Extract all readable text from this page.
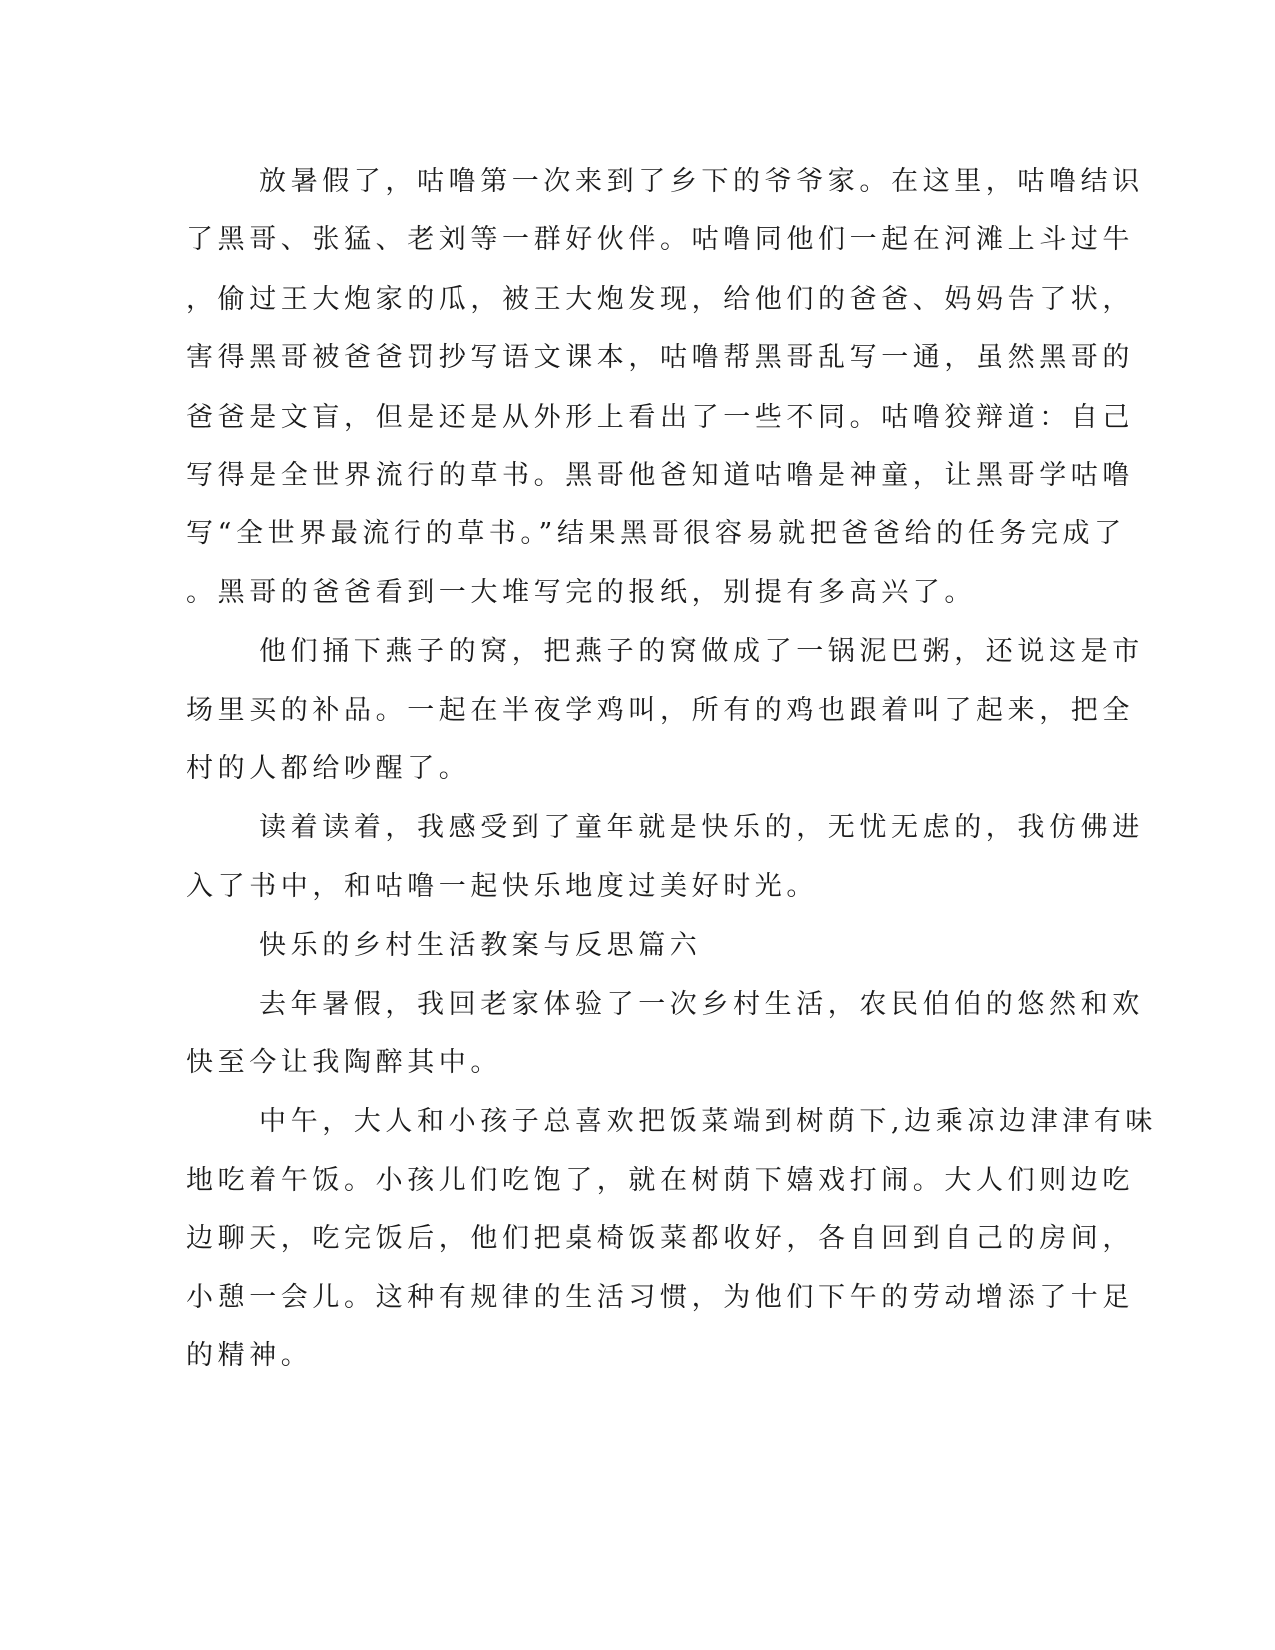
放暑假了，咕噜第一次来到了乡下的爷爷家。在这里，咕噜结识
了黑哥、张猛、老刘等一群好伙伴。咕噜同他们一起在河滩上斗过牛
，偷过王大炮家的瓜，被王大炮发现，给他们的爸爸、妈妈告了状，
害得黑哥被爸爸罚抄写语文课本，咕噜帮黑哥乱写一通，虽然黑哥的
爸爸是文盲，但是还是从外形上看出了一些不同。咕噜狡辩道：自己
写得是全世界流行的草书。黑哥他爸知道咕噜是神童，让黑哥学咕噜
写“全世界最流行的草书。”结果黑哥很容易就把爸爸给的任务完成了
。黑哥的爸爸看到一大堆写完的报纸，别提有多高兴了。
他们捅下燕子的窝，把燕子的窝做成了一锅泥巴粥，还说这是市
场里买的补品。一起在半夜学鸡叫，所有的鸡也跟着叫了起来，把全
村的人都给吵醒了。
读着读着，我感受到了童年就是快乐的，无忧无虑的，我仿佛进
入了书中，和咕噜一起快乐地度过美好时光。
快乐的乡村生活教案与反思篇六
去年暑假，我回老家体验了一次乡村生活，农民伯伯的悠然和欢
快至今让我陶醉其中。
中午，大人和小孩子总喜欢把饭菜端到树荫下,边乘凉边津津有味
地吃着午饭。小孩儿们吃饱了，就在树荫下嬉戏打闹。大人们则边吃
边聊天，吃完饭后，他们把桌椅饭菜都收好，各自回到自己的房间，
小憩一会儿。这种有规律的生活习惯，为他们下午的劳动增添了十足
的精神。
